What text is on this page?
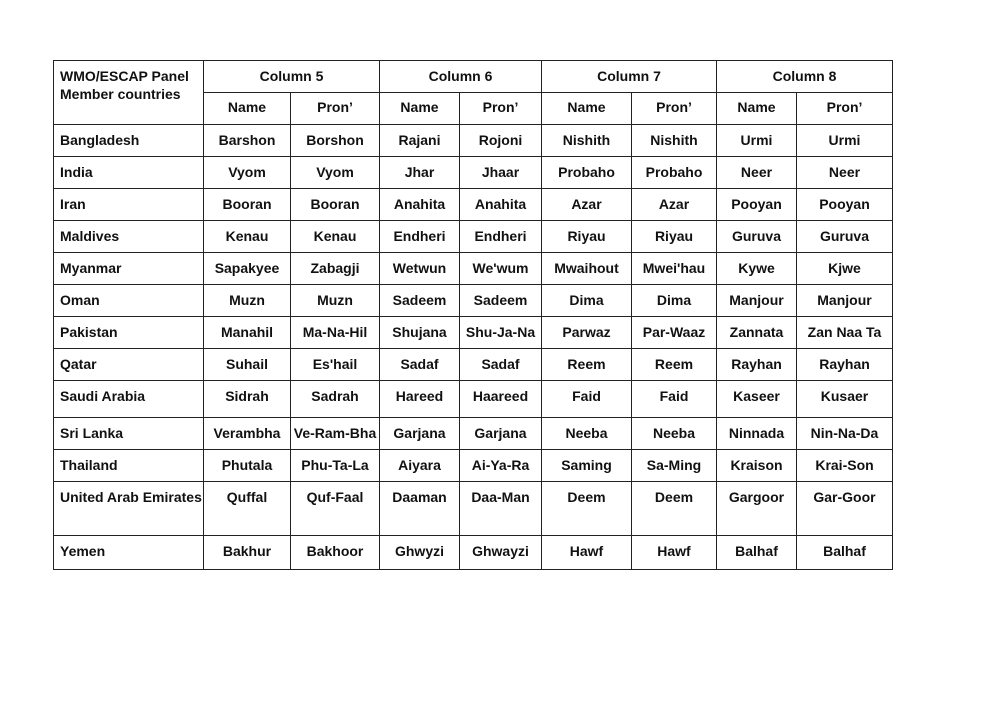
WMO/ESCAP Panel Member countries	Column 5		Column 6		Column 7		Column 8	
	Name	Pron’	Name	Pron’	Name	Pron’	Name	Pron’
Bangladesh	Barshon	Borshon	Rajani	Rojoni	Nishith	Nishith	Urmi	Urmi
India	Vyom	Vyom	Jhar	Jhaar	Probaho	Probaho	Neer	Neer
Iran	Booran	Booran	Anahita	Anahita	Azar	Azar	Pooyan	Pooyan
Maldives	Kenau	Kenau	Endheri	Endheri	Riyau	Riyau	Guruva	Guruva
Myanmar	Sapakyee	Zabagji	Wetwun	We'wum	Mwaihout	Mwei'hau	Kywe	Kjwe
Oman	Muzn	Muzn	Sadeem	Sadeem	Dima	Dima	Manjour	Manjour
Pakistan	Manahil	Ma-Na-Hil	Shujana	Shu-Ja-Na	Parwaz	Par-Waaz	Zannata	Zan Naa Ta
Qatar	Suhail	Es'hail	Sadaf	Sadaf	Reem	Reem	Rayhan	Rayhan
Saudi Arabia	Sidrah	Sadrah	Hareed	Haareed	Faid	Faid	Kaseer	Kusaer
Sri Lanka	Verambha	Ve-Ram-Bha	Garjana	Garjana	Neeba	Neeba	Ninnada	Nin-Na-Da
Thailand	Phutala	Phu-Ta-La	Aiyara	Ai-Ya-Ra	Saming	Sa-Ming	Kraison	Krai-Son
United Arab Emirates	Quffal	Quf-Faal	Daaman	Daa-Man	Deem	Deem	Gargoor	Gar-Goor
Yemen	Bakhur	Bakhoor	Ghwyzi	Ghwayzi	Hawf	Hawf	Balhaf	Balhaf
